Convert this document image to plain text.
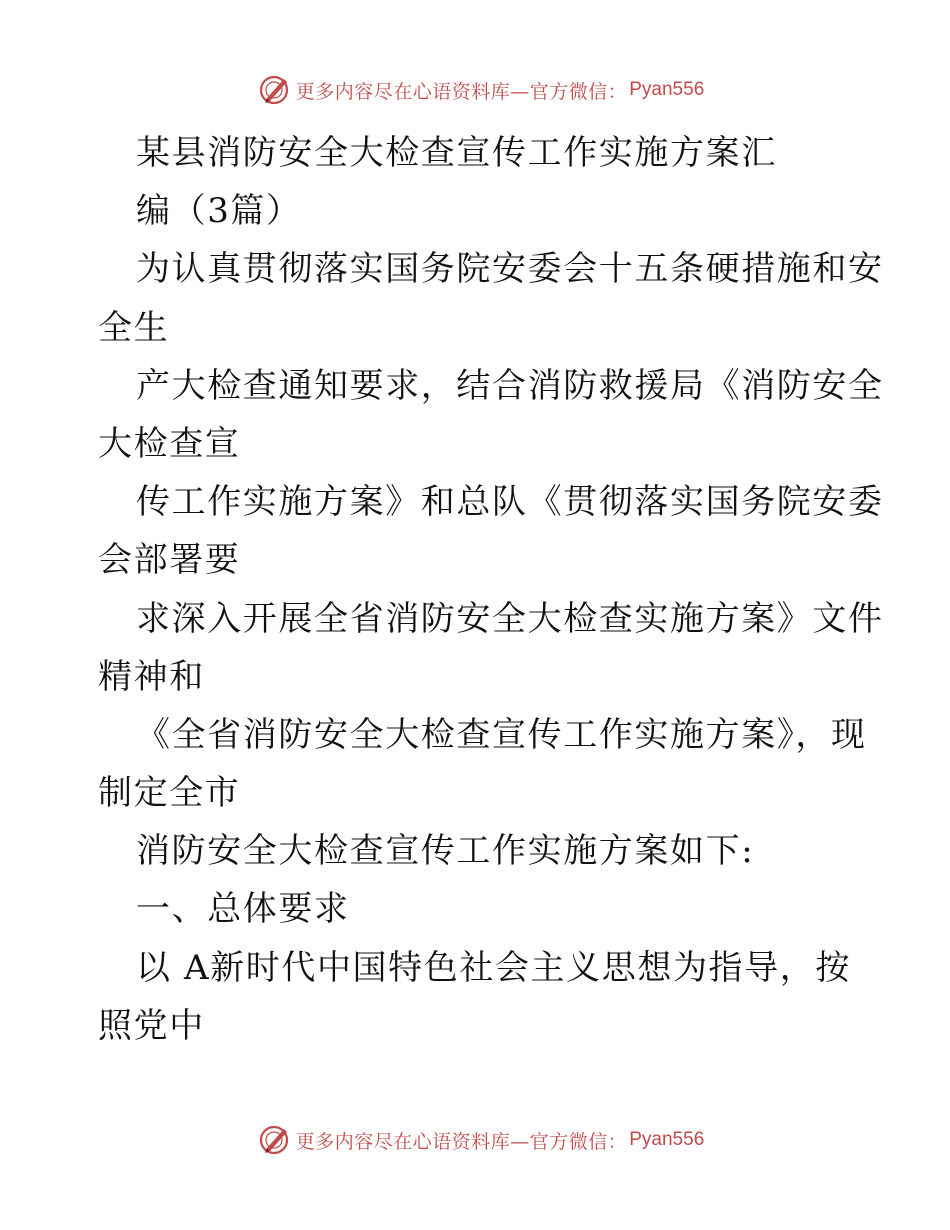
更多内容尽在心语资料库—官方微信： Pyan556
某县消防安全大检查宣传工作实施方案汇
编（3篇）
为认真贯彻落实国务院安委会十五条硬措施和安
全生
产大检查通知要求，结合消防救援局《消防安全
大检查宣
传工作实施方案》和总队《贯彻落实国务院安委
会部署要
求深入开展全省消防安全大检查实施方案》文件
精神和
《全省消防安全大检查宣传工作实施方案》，现
制定全市
消防安全大检查宣传工作实施方案如下:
一、总体要求
以 A新时代中国特色社会主义思想为指导，按
照党中
更多内容尽在心语资料库—官方微信： Pyan556
